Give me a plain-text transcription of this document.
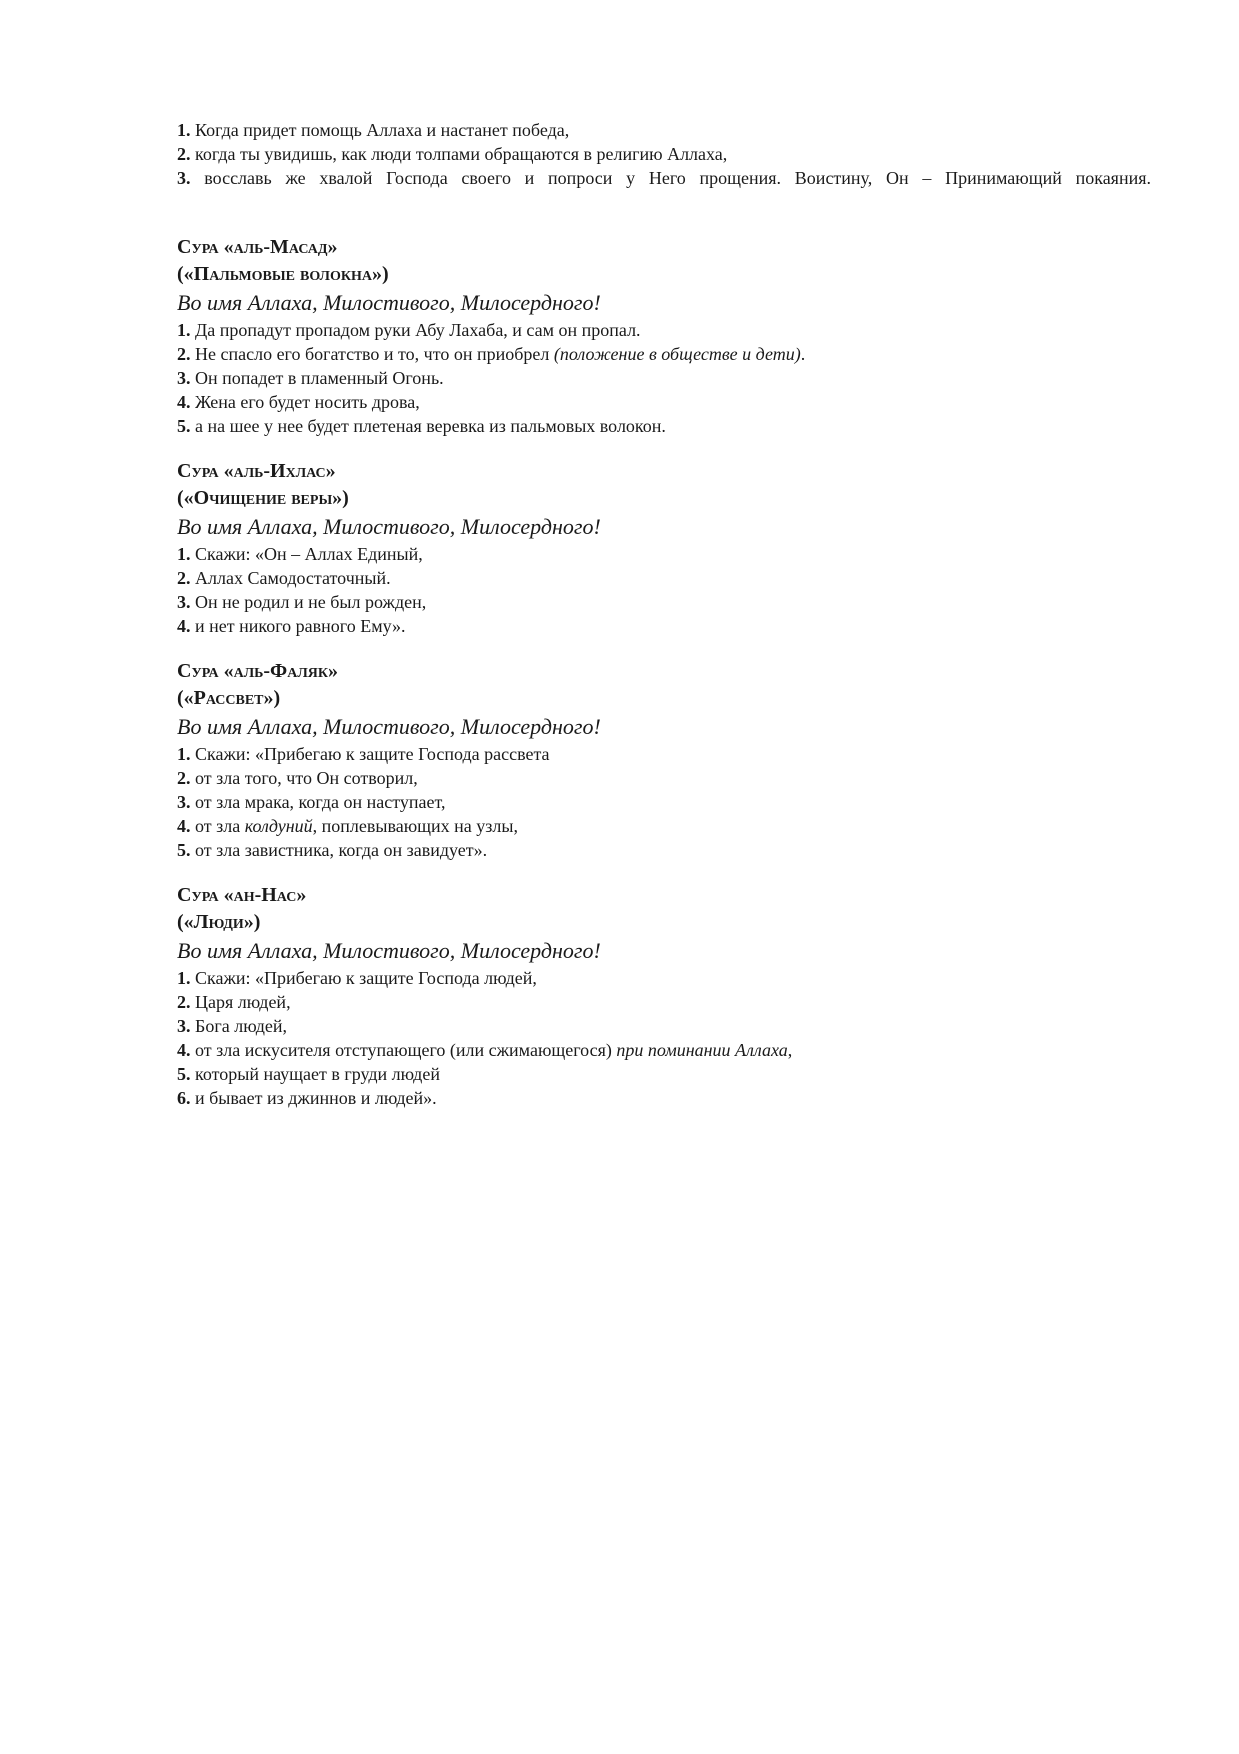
1. Когда придет помощь Аллаха и настанет победа,

2. когда ты увидишь, как люди толпами обращаются в религию Аллаха,

3. восславь же хвалой Господа своего и попроси у Него прощения. Воистину, Он – Принимающий покаяния.

Сура «аль-Масад»

(«Пальмовые волокна»)

Во имя Аллаха, Милостивого, Милосердного!

1. Да пропадут пропадом руки Абу Лахаба, и сам он пропал.

2. Не спасло его богатство и то, что он приобрел (положение в обществе и дети).

3. Он попадет в пламенный Огонь.

4. Жена его будет носить дрова,

5. а на шее у нее будет плетеная веревка из пальмовых волокон.

Сура «аль-Ихлас»

(«Очищение веры»)

Во имя Аллаха, Милостивого, Милосердного!

1. Скажи: «Он – Аллах Единый,

2. Аллах Самодостаточный.

3. Он не родил и не был рожден,

4. и нет никого равного Ему».

Сура «аль-Фаляк»

(«Рассвет»)

Во имя Аллаха, Милостивого, Милосердного!

1. Скажи: «Прибегаю к защите Господа рассвета

2. от зла того, что Он сотворил,

3. от зла мрака, когда он наступает,

4. от зла колдуний, поплевывающих на узлы,

5. от зла завистника, когда он завидует».

Сура «ан-Нас»

(«Люди»)

Во имя Аллаха, Милостивого, Милосердного!

1. Скажи: «Прибегаю к защите Господа людей,

2. Царя людей,

3. Бога людей,

4. от зла искусителя отступающего (или сжимающегося) при поминании Аллаха,

5. который наущает в груди людей

6. и бывает из джиннов и людей».
